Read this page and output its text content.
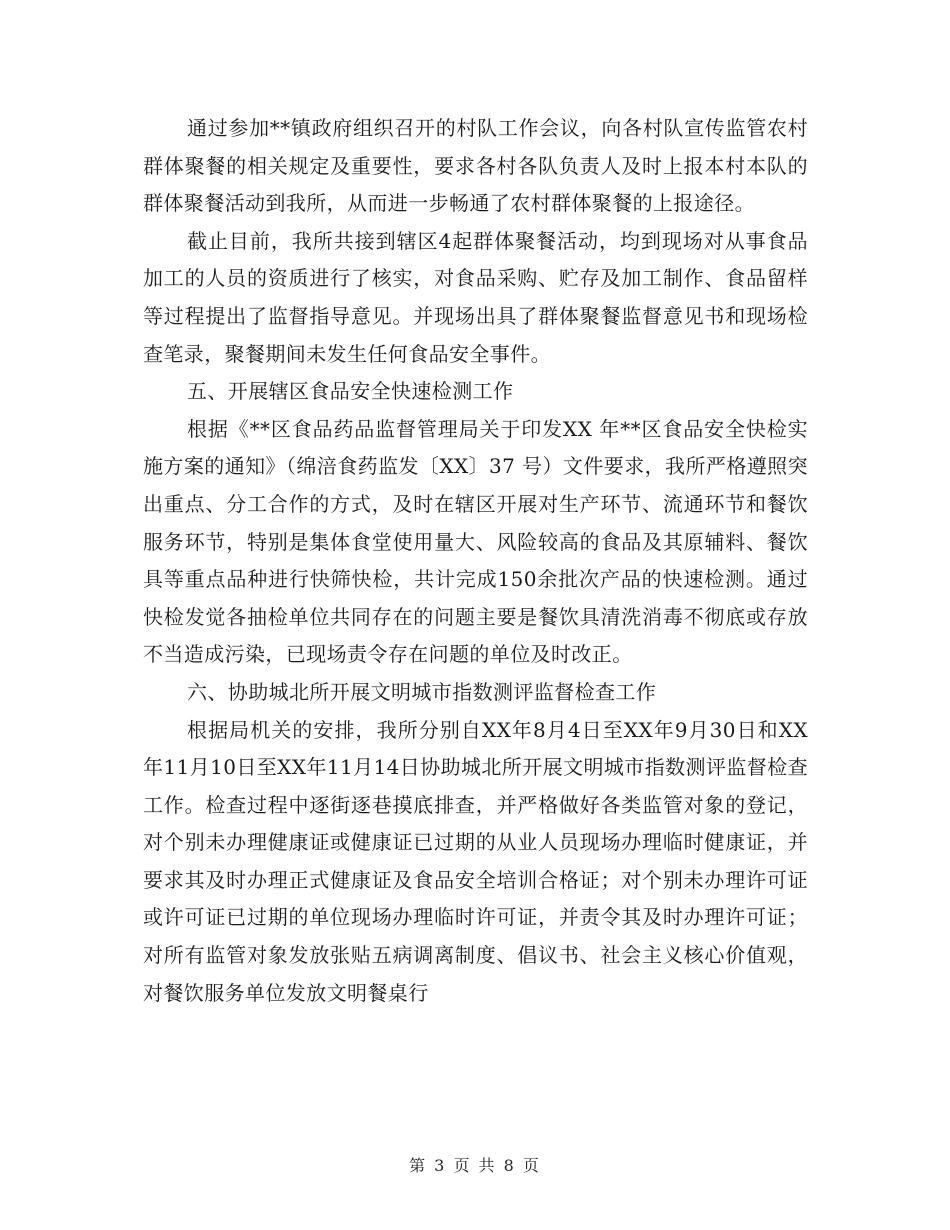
通过参加**镇政府组织召开的村队工作会议，向各村队宣传监管农村群体聚餐的相关规定及重要性，要求各村各队负责人及时上报本村本队的群体聚餐活动到我所，从而进一步畅通了农村群体聚餐的上报途径。

截止目前，我所共接到辖区4起群体聚餐活动，均到现场对从事食品加工的人员的资质进行了核实，对食品采购、贮存及加工制作、食品留样等过程提出了监督指导意见。并现场出具了群体聚餐监督意见书和现场检查笔录，聚餐期间未发生任何食品安全事件。

五、开展辖区食品安全快速检测工作

根据《**区食品药品监督管理局关于印发XX 年**区食品安全快检实施方案的通知》（绵涪食药监发〔XX〕37 号）文件要求，我所严格遵照突出重点、分工合作的方式，及时在辖区开展对生产环节、流通环节和餐饮服务环节，特别是集体食堂使用量大、风险较高的食品及其原辅料、餐饮具等重点品种进行快筛快检，共计完成150余批次产品的快速检测。通过快检发觉各抽检单位共同存在的问题主要是餐饮具清洗消毒不彻底或存放不当造成污染，已现场责令存在问题的单位及时改正。

六、协助城北所开展文明城市指数测评监督检查工作

根据局机关的安排，我所分别自XX年8月4日至XX年9月30日和XX年11月10日至XX年11月14日协助城北所开展文明城市指数测评监督检查工作。检查过程中逐街逐巷摸底排查，并严格做好各类监管对象的登记，对个别未办理健康证或健康证已过期的从业人员现场办理临时健康证，并要求其及时办理正式健康证及食品安全培训合格证；对个别未办理许可证或许可证已过期的单位现场办理临时许可证，并责令其及时办理许可证；对所有监管对象发放张贴五病调离制度、倡议书、社会主义核心价值观，对餐饮服务单位发放文明餐桌行

第 3 页 共 8 页
